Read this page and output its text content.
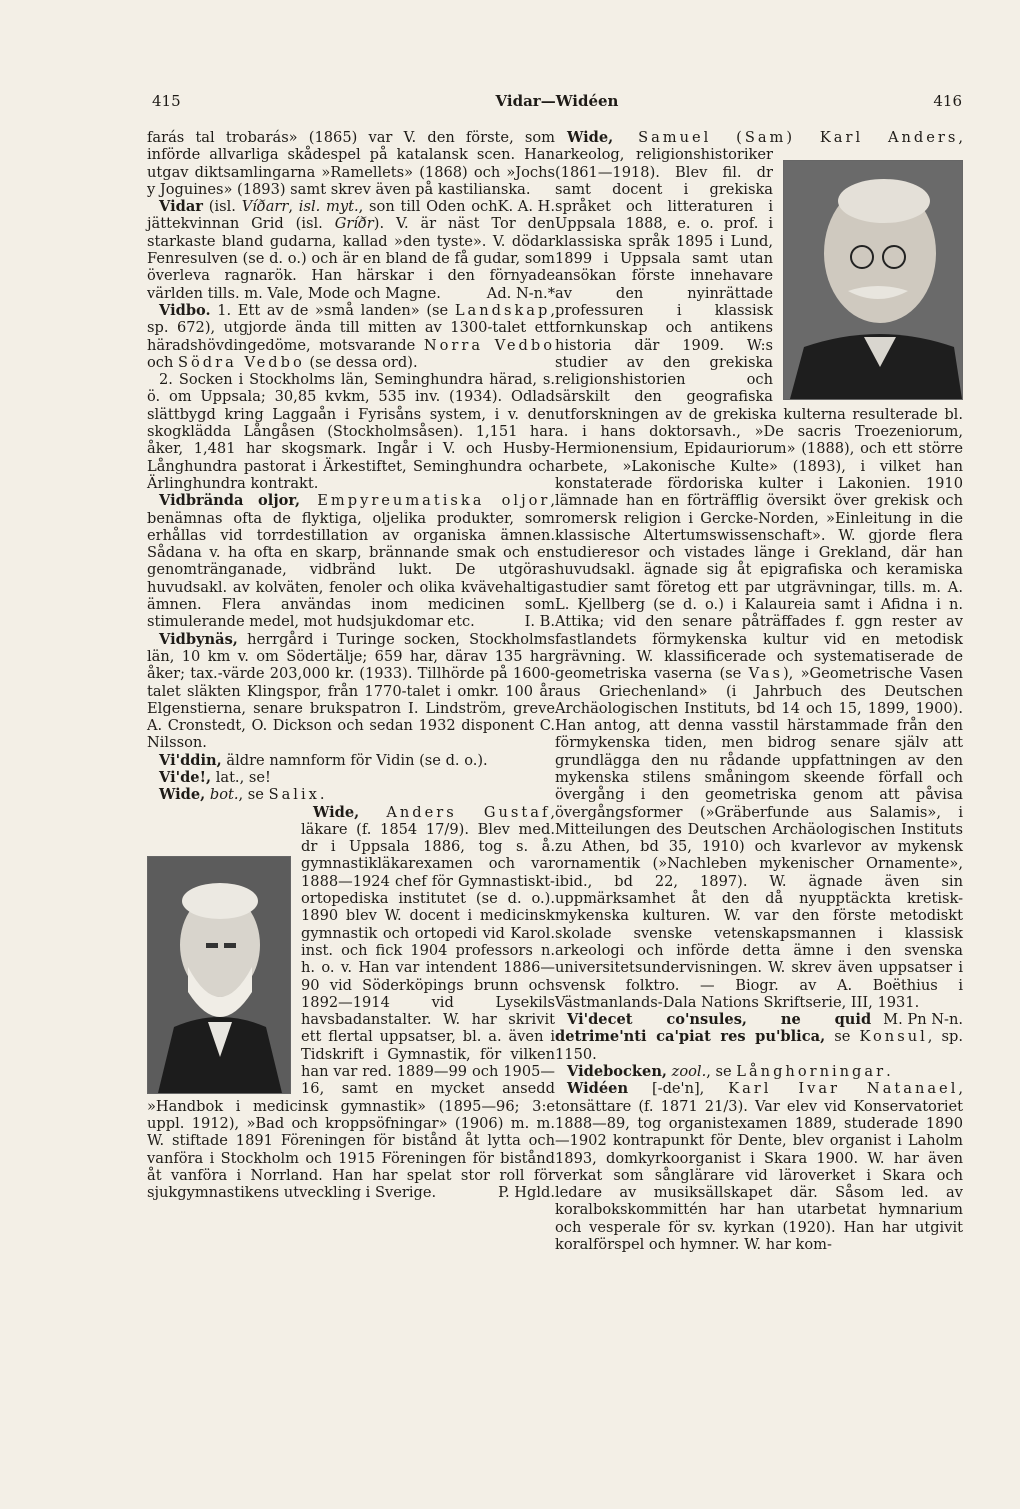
415	Vidar—Widéen	416

farás tal trobarás» (1865) var V. den förste, som införde allvarliga skådespel på katalansk scen. Han utgav diktsamlingarna »Ramellets» (1868) och »Jochs y Joguines» (1893) samt skrev även på kastilianska.
K. A. H.

Vidar (isl. Víðarr, isl. myt., son till Oden och jättekvinnan Grid (isl. Gríðr). V. är näst Tor den starkaste bland gudarna, kallad »den tyste». V. dödar Fenresulven (se d. o.) och är en bland de få gudar, som överleva ragnarök. Han härskar i den förnyade världen tills. m. Vale, Mode och Magne.	Ad. N-n.*

Vidbo. 1. Ett av de »små landen» (se Landskap, sp. 672), utgjorde ända till mitten av 1300-talet ett häradshövdingedöme, motsvarande Norra Vedbo och Södra Vedbo (se dessa ord).

2. Socken i Stockholms län, Seminghundra härad, s. ö. om Uppsala; 30,85 kvkm, 535 inv. (1934). Odlad slättbygd kring Laggaån i Fyrisåns system, i v. den skogklädda Långåsen (Stockholmsåsen). 1,151 har åker, 1,481 har skogsmark. Ingår i V. och Husby-Långhundra pastorat i Ärkestiftet, Seminghundra och Ärlinghundra kontrakt.

Vidbrända oljor, Empyreumatiska oljor, benämnas ofta de flyktiga, oljelika produkter, som erhållas vid torrdestillation av organiska ämnen. Sådana v. ha ofta en skarp, brännande smak och en genomtränganade, vidbränd lukt. De utgöras huvudsakl. av kolväten, fenoler och olika kvävehaltiga ämnen. Flera användas inom medicinen som stimulerande medel, mot hudsjukdomar etc.	I. B.

Vidbynäs, herrgård i Turinge socken, Stockholms län, 10 km v. om Södertälje; 659 har, därav 135 har åker; tax.-värde 203,000 kr. (1933). Tillhörde på 1600-talet släkten Klingspor, från 1770-talet i omkr. 100 år Elgenstierna, senare brukspatron I. Lindström, greve A. Cronstedt, O. Dickson och sedan 1932 disponent C. Nilsson.

Vi'ddin, äldre namnform för Vidin (se d. o.).

Vi'de!, lat., se!

Wide, bot., se Salix.

Wide, Anders Gustaf, läkare (f. 1854 17/9). Blev med. dr i Uppsala 1886, tog s. å. gymnastikläkarexamen och var 1888—1924 chef för Gymnastiskt-ortopediska institutet (se d. o.). 1890 blev W. docent i medicinsk gymnastik och ortopedi vid Karol. inst. och fick 1904 professors n. h. o. v. Han var intendent 1886—90 vid Söderköpings brunn och 1892—1914 vid Lysekils havsbadanstalter. W. har skrivit ett flertal uppsatser, bl. a. även i Tidskrift i Gymnastik, för vilken han var red. 1889—99 och 1905—16, samt en mycket ansedd »Handbok i medicinsk gymnastik» (1895—96; 3:e uppl. 1912), »Bad och kroppsöfningar» (1906) m. m. W. stiftade 1891 Föreningen för bistånd åt lytta och vanföra i Stockholm och 1915 Föreningen för bistånd åt vanföra i Norrland. Han har spelat stor roll för sjukgymnastikens utveckling i Sverige.	P. Hgld.

Wide, Samuel (Sam) Karl Anders
, arkeolog, religionshistoriker (1861—1918). Blev fil. dr samt docent i grekiska språket och litteraturen i Uppsala 1888, e. o. prof. i klassiska språk 1895 i Lund, 1899 i Uppsala samt utan ansökan förste innehavare av den nyinrättade professuren i klassisk fornkunskap och antikens historia där 1909. W:s studier av den grekiska religionshistorien och särskilt den geografiska utforskningen av de grekiska kulterna resulterade bl. a. i hans doktorsavh., »De sacris Troezeniorum, Hermionensium, Epidauriorum» (1888), och ett större arbete, »Lakonische Kulte» (1893), i vilket han konstaterade fördoriska kulter i Lakonien. 1910 lämnade han en förträfflig översikt över grekisk och romersk religion i Gercke-Norden, »Einleitung in die klassische Altertumswissenschaft». W. gjorde flera studieresor och vistades länge i Grekland, där han huvudsakl. ägnade sig åt epigrafiska och keramiska studier samt företog ett par utgrävningar, tills. m. A. L. Kjellberg (se d. o.) i Kalaureia samt i Afidna i n. Attika; vid den senare påträffades f. ggn rester av fastlandets förmykenska kultur vid en metodisk grävning. W. klassificerade och systematiserade de geometriska vaserna (se Vas), »Geometrische Vasen aus Griechenland» (i Jahrbuch des Deutschen Archäologischen Instituts, bd 14 och 15, 1899, 1900). Han antog, att denna vasstil härstammade från den förmykenska tiden, men bidrog senare själv att grundlägga den nu rådande uppfattningen av den mykenska stilens småningom skeende förfall och övergång i den geometriska genom att påvisa övergångsformer (»Gräberfunde aus Salamis», i Mitteilungen des Deutschen Archäologischen Instituts zu Athen, bd 35, 1910) och kvarlevor av mykensk ornamentik (»Nachleben mykenischer Ornamente», ibid., bd 22, 1897). W. ägnade även sin uppmärksamhet åt den då nyupptäckta kretisk-mykenska kulturen. W. var den förste metodiskt skolade svenske vetenskapsmannen i klassisk arkeologi och införde detta ämne i den svenska universitetsundervisningen. W. skrev även uppsatser i svensk folktro. — Biogr. av A. Boëthius i Västmanlands-Dala Nations Skriftserie, III, 1931.
M. Pn N-n.

Vi'decet co'nsules, ne quid detrime'nti ca'piat res pu'blica, se Konsul, sp. 1150.

Videbocken, zool., se Långhorningar.

Widéen [-de'n], Karl Ivar Natanael, tonsättare (f. 1871 21/3). Var elev vid Konservatoriet 1888—89, tog organistexamen 1889, studerade 1890—1902 kontrapunkt för Dente, blev organist i Laholm 1893, domkyrkoorganist i Skara 1900. W. har även verkat som sånglärare vid läroverket i Skara och ledare av musiksällskapet där. Såsom led. av koralbokskommittén har han utarbetat hymnarium och vesperale för sv. kyrkan (1920). Han har utgivit koralförspel och hymner. W. har kom-
